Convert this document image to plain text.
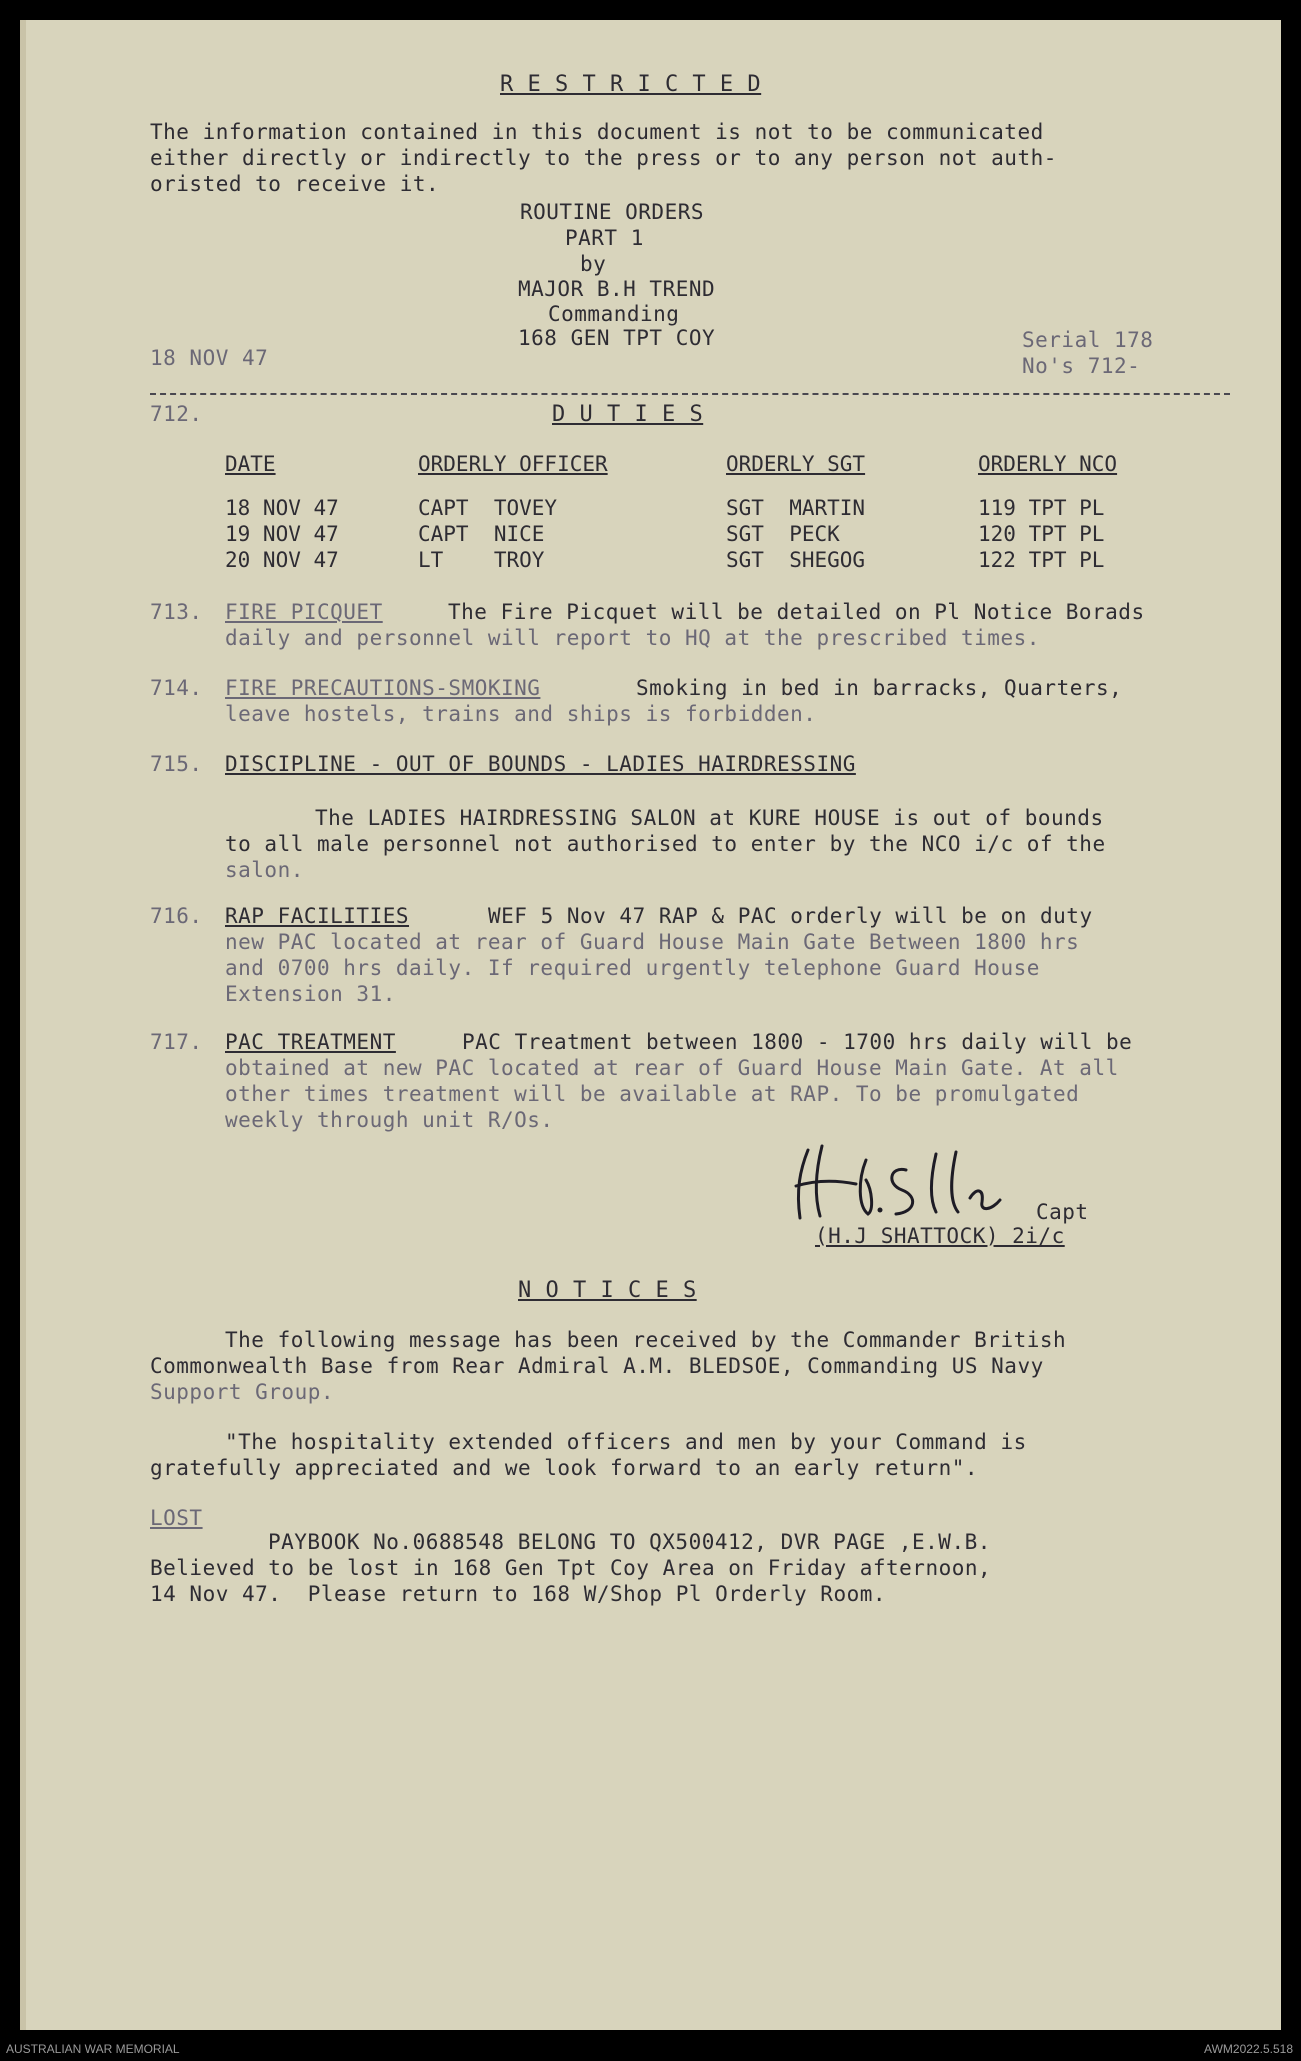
R E S T R I C T E D
The information contained in this document is not to be communicated
either directly or indirectly to the press or to any person not auth-
oristed to receive it.
ROUTINE ORDERS
PART 1
by
MAJOR B.H TREND
Commanding
168 GEN TPT COY
18 NOV 47
Serial 178
No's 712-
712.	D U T I E S
DATE	ORDERLY OFFICER	ORDERLY SGT	ORDERLY NCO
18 NOV 47	CAPT  TOVEY	SGT  MARTIN	119 TPT PL
19 NOV 47	CAPT  NICE	SGT  PECK	120 TPT PL
20 NOV 47	LT    TROY	SGT  SHEGOG	122 TPT PL
713. FIRE PICQUET	The Fire Picquet will be detailed on Pl Notice Borads
daily and personnel will report to HQ at the prescribed times.
714. FIRE PRECAUTIONS-SMOKING	Smoking in bed in barracks, Quarters,
leave hostels, trains and ships is forbidden.
715. DISCIPLINE - OUT OF BOUNDS - LADIES HAIRDRESSING
The LADIES HAIRDRESSING SALON at KURE HOUSE is out of bounds
to all male personnel not authorised to enter by the NCO i/c of the
salon.
716. RAP FACILITIES	WEF 5 Nov 47 RAP & PAC orderly will be on duty
new PAC located at rear of Guard House Main Gate Between 1800 hrs
and 0700 hrs daily. If required urgently telephone Guard House
Extension 31.
717. PAC TREATMENT	PAC Treatment between 1800 - 1700 hrs daily will be
obtained at new PAC located at rear of Guard House Main Gate. At all
other times treatment will be available at RAP. To be promulgated
weekly through unit R/Os.
Capt
(H.J SHATTOCK) 2i/c
N O T I C E S
The following message has been received by the Commander British
Commonwealth Base from Rear Admiral A.M. BLEDSOE, Commanding US Navy
Support Group.
"The hospitality extended officers and men by your Command is
gratefully appreciated and we look forward to an early return".
LOST
PAYBOOK No.0688548 BELONG TO QX500412, DVR PAGE ,E.W.B.
Believed to be lost in 168 Gen Tpt Coy Area on Friday afternoon,
14 Nov 47.  Please return to 168 W/Shop Pl Orderly Room.
AUSTRALIAN WAR MEMORIAL	AWM2022.5.518
